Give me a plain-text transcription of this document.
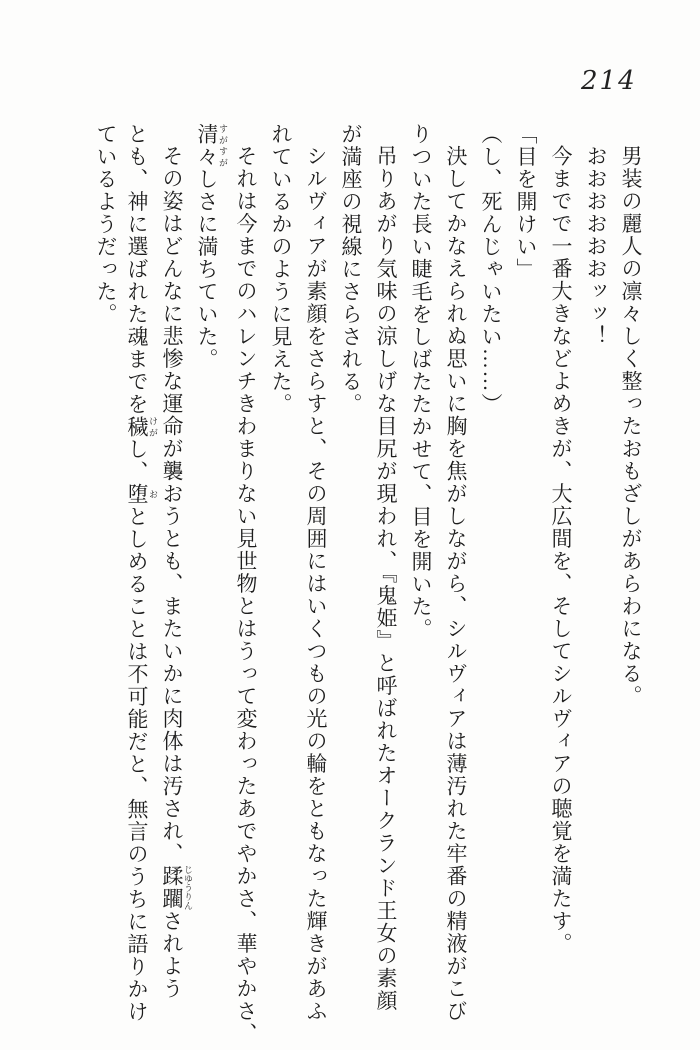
214
男装の麗人の凛々しく整ったおもざしがあらわになる。
おおおおおおッッ！
今までで一番大きなどよめきが、大広間を、そしてシルヴィアの聴覚を満たす。
「目を開けい」
（し、死んじゃいたい……）
決してかなえられぬ思いに胸を焦がしながら、シルヴィアは薄汚れた牢番の精液がこび
りついた長い睫毛をしばたたかせて、目を開いた。
吊りあがり気味の涼しげな目尻が現われ、『鬼姫』と呼ばれたオークランド王女の素顔
が満座の視線にさらされる。
シルヴィアが素顔をさらすと、その周囲にはいくつもの光の輪をともなった輝きがあふ
れているかのように見えた。
それは今までのハレンチきわまりない見世物とはうって変わったあでやかさ、華やかさ、
清々 すがすがしさに満ちていた。
その姿はどんなに悲惨な運命が襲おうとも、またいかに肉体は汚され、蹂躙 じゆうりんされよう
とも、神に選ばれた魂までを穢 けがし、堕 おとしめることは不可能だと、無言のうちに語りかけ
ているようだった。
